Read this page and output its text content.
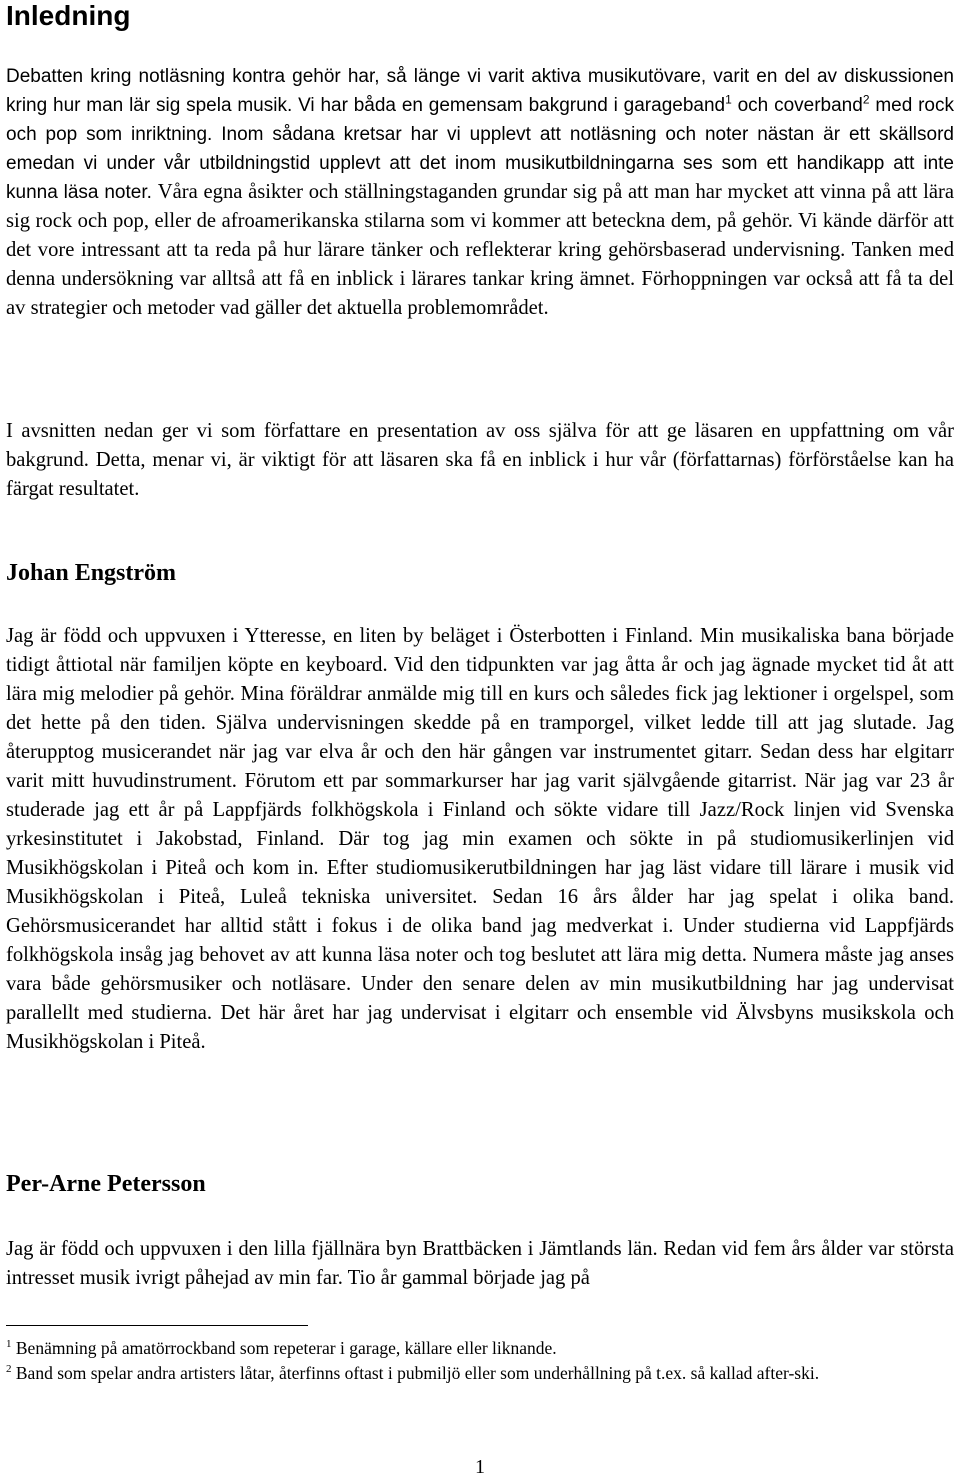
Inledning

Debatten kring notläsning kontra gehör har, så länge vi varit aktiva musikutövare, varit en del av diskussionen kring hur man lär sig spela musik. Vi har båda en gemensam bakgrund i garageband$^1$ och coverband$^2$ med rock och pop som inriktning. Inom sådana kretsar har vi upplevt att notläsning och noter nästan är ett skällsord emedan vi under vår utbildningstid upplevt att det inom musikutbildningarna ses som ett handikapp att inte kunna läsa noter. Våra egna åsikter och ställningstaganden grundar sig på att man har mycket att vinna på att lära sig rock och pop, eller de afroamerikanska stilarna som vi kommer att beteckna dem, på gehör. Vi kände därför att det vore intressant att ta reda på hur lärare tänker och reflekterar kring gehörsbaserad undervisning. Tanken med denna undersökning var alltså att få en inblick i lärares tankar kring ämnet. Förhoppningen var också att få ta del av strategier och metoder vad gäller det aktuella problemområdet.

I avsnitten nedan ger vi som författare en presentation av oss själva för att ge läsaren en uppfattning om vår bakgrund. Detta, menar vi, är viktigt för att läsaren ska få en inblick i hur vår (författarnas) förförståelse kan ha färgat resultatet.

Johan Engström

Jag är född och uppvuxen i Ytteresse, en liten by beläget i Österbotten i Finland. Min musikaliska bana började tidigt åttiotal när familjen köpte en keyboard. Vid den tidpunkten var jag åtta år och jag ägnade mycket tid åt att lära mig melodier på gehör. Mina föräldrar anmälde mig till en kurs och således fick jag lektioner i orgelspel, som det hette på den tiden. Själva undervisningen skedde på en tramporgel, vilket ledde till att jag slutade. Jag återupptog musicerandet när jag var elva år och den här gången var instrumentet gitarr. Sedan dess har elgitarr varit mitt huvudinstrument. Förutom ett par sommarkurser har jag varit självgående gitarrist. När jag var 23 år studerade jag ett år på Lappfjärds folkhögskola i Finland och sökte vidare till Jazz/Rock linjen vid Svenska yrkesinstitutet i Jakobstad, Finland. Där tog jag min examen och sökte in på studiomusikerlinjen vid Musikhögskolan i Piteå och kom in. Efter studiomusikerutbildningen har jag läst vidare till lärare i musik vid Musikhögskolan i Piteå, Luleå tekniska universitet. Sedan 16 års ålder har jag spelat i olika band. Gehörsmusicerandet har alltid stått i fokus i de olika band jag medverkat i. Under studierna vid Lappfjärds folkhögskola insåg jag behovet av att kunna läsa noter och tog beslutet att lära mig detta. Numera måste jag anses vara både gehörsmusiker och notläsare. Under den senare delen av min musikutbildning har jag undervisat parallellt med studierna. Det här året har jag undervisat i elgitarr och ensemble vid Älvsbyns musikskola och Musikhögskolan i Piteå.

Per-Arne Petersson

Jag är född och uppvuxen i den lilla fjällnära byn Brattbäcken i Jämtlands län. Redan vid fem års ålder var största intresset musik ivrigt påhejad av min far. Tio år gammal började jag på

$^1$ Benämning på amatörrockband som repeterar i garage, källare eller liknande.

$^2$ Band som spelar andra artisters låtar, återfinns oftast i pubmiljö eller som underhållning på t.ex. så kallad after-ski.

1
